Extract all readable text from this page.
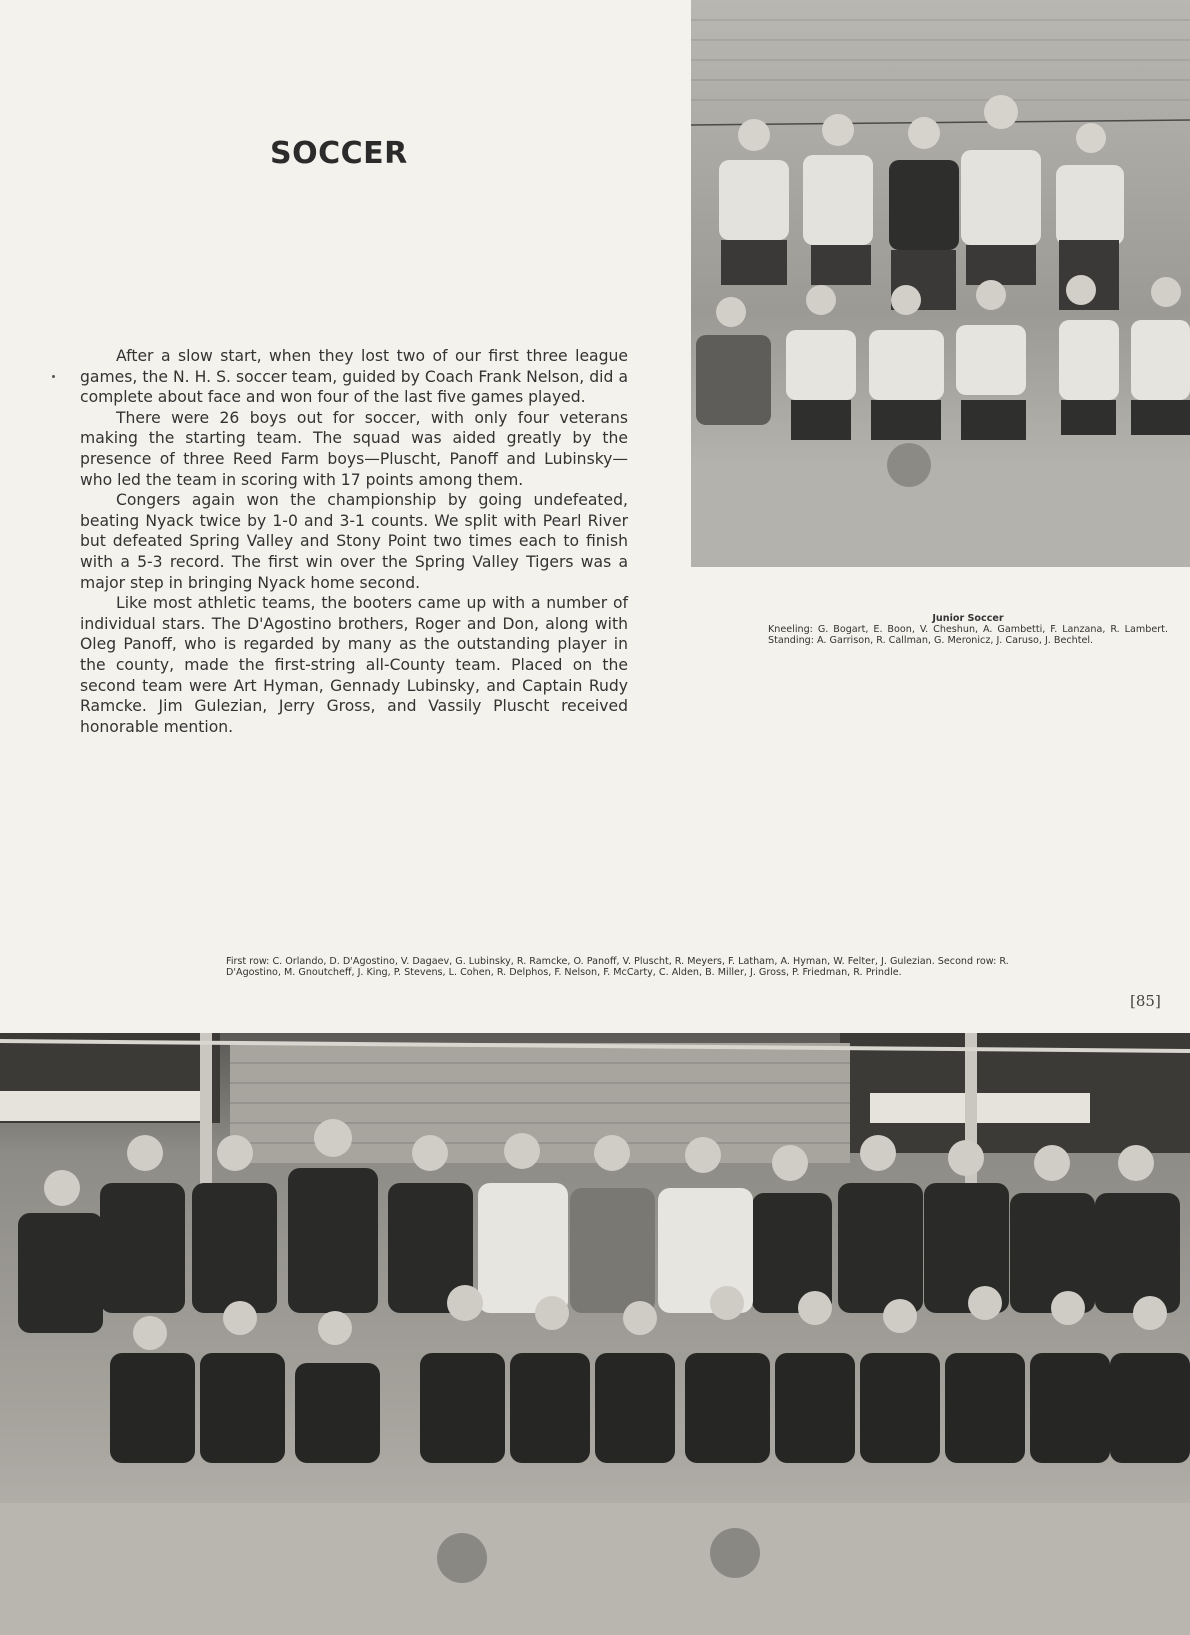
SOCCER

After a slow start, when they lost two of our first three league games, the N. H. S. soccer team, guided by Coach Frank Nelson, did a complete about face and won four of the last five games played.

There were 26 boys out for soccer, with only four veterans making the starting team. The squad was aided greatly by the presence of three Reed Farm boys—Pluscht, Panoff and Lubinsky—who led the team in scoring with 17 points among them.

Congers again won the championship by going undefeated, beating Nyack twice by 1-0 and 3-1 counts. We split with Pearl River but defeated Spring Valley and Stony Point two times each to finish with a 5-3 record. The first win over the Spring Valley Tigers was a major step in bringing Nyack home second.

Like most athletic teams, the booters came up with a number of individual stars. The D'Agostino brothers, Roger and Don, along with Oleg Panoff, who is regarded by many as the outstanding player in the county, made the first-string all-County team. Placed on the second team were Art Hyman, Gennady Lubinsky, and Captain Rudy Ramcke. Jim Gulezian, Jerry Gross, and Vassily Pluscht received honorable mention.

Junior Soccer
Kneeling: G. Bogart, E. Boon, V. Cheshun, A. Gambetti, F. Lanzana, R. Lambert. Standing: A. Garrison, R. Callman, G. Meronicz, J. Caruso, J. Bechtel.
First row: C. Orlando, D. D'Agostino, V. Dagaev, G. Lubinsky, R. Ramcke, O. Panoff, V. Pluscht, R. Meyers, F. Latham, A. Hyman, W. Felter, J. Gulezian. Second row: R. D'Agostino, M. Gnoutcheff, J. King, P. Stevens, L. Cohen, R. Delphos, F. Nelson, F. McCarty, C. Alden, B. Miller, J. Gross, P. Friedman, R. Prindle.
[85]
